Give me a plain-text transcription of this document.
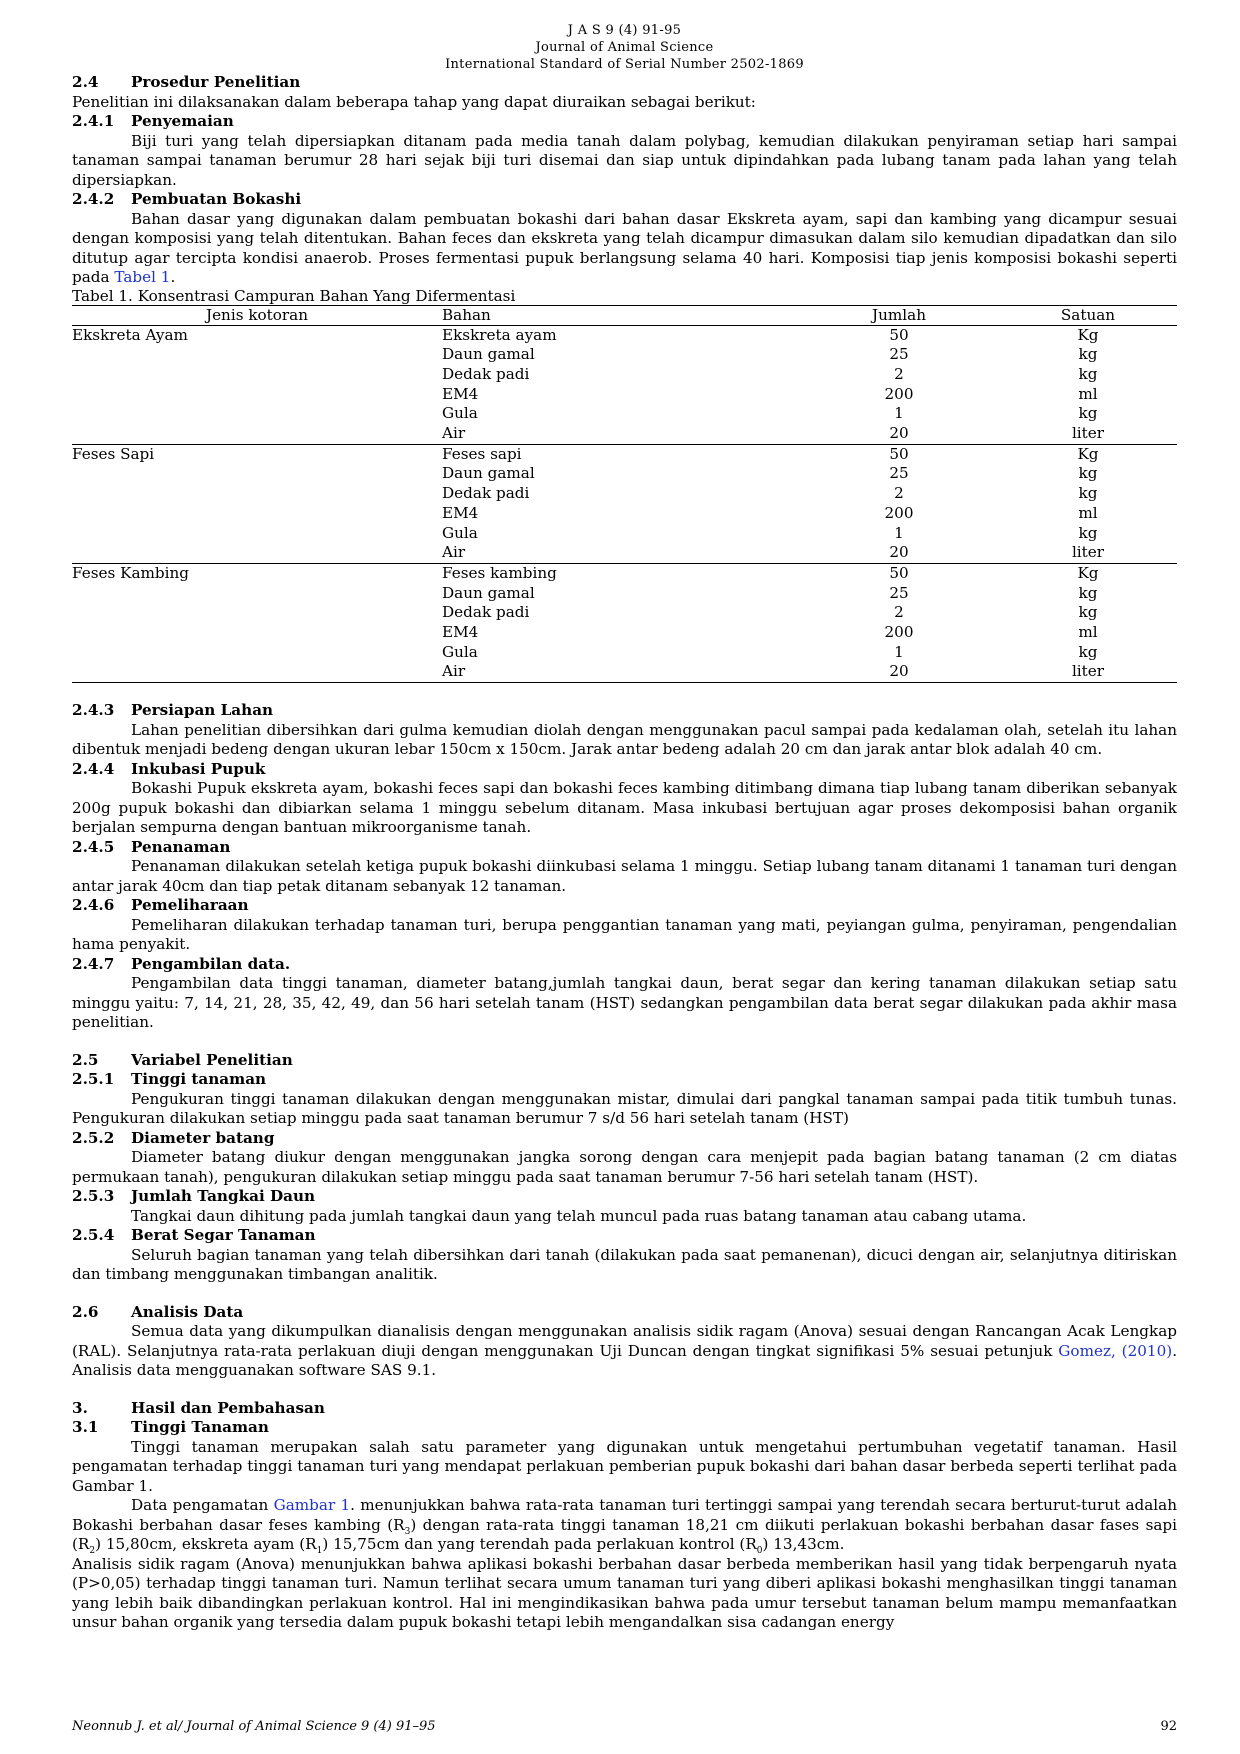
J A S 9 (4) 91-95
Journal of Animal Science
International Standard of Serial Number 2502-1869
2.4	Prosedur Penelitian

Penelitian ini dilaksanakan dalam beberapa tahap yang dapat diuraikan sebagai berikut:

2.4.1	Penyemaian

Biji turi yang telah dipersiapkan ditanam pada media tanah dalam polybag, kemudian dilakukan penyiraman setiap hari sampai tanaman sampai tanaman berumur 28 hari sejak biji turi disemai dan siap untuk dipindahkan pada lubang tanam pada lahan yang telah dipersiapkan.

2.4.2	Pembuatan Bokashi

Bahan dasar yang digunakan dalam pembuatan bokashi dari bahan dasar Ekskreta ayam, sapi dan kambing yang dicampur sesuai dengan komposisi yang telah ditentukan. Bahan feces dan ekskreta yang telah dicampur dimasukan dalam silo kemudian dipadatkan dan silo ditutup agar tercipta kondisi anaerob. Proses fermentasi pupuk berlangsung selama 40 hari. Komposisi tiap jenis komposisi bokashi seperti pada Tabel 1.

Tabel 1. Konsentrasi Campuran Bahan Yang Difermentasi
Jenis kotoran	Bahan	Jumlah	Satuan
Ekskreta Ayam	Ekskreta ayam	50	Kg
	Daun gamal	25	kg
	Dedak padi	2	kg
	EM4	200	ml
	Gula	1	kg
	Air	20	liter
Feses Sapi	Feses sapi	50	Kg
	Daun gamal	25	kg
	Dedak padi	2	kg
	EM4	200	ml
	Gula	1	kg
	Air	20	liter
Feses Kambing	Feses kambing	50	Kg
	Daun gamal	25	kg
	Dedak padi	2	kg
	EM4	200	ml
	Gula	1	kg
	Air	20	liter
2.4.3	Persiapan Lahan

Lahan penelitian dibersihkan dari gulma kemudian diolah dengan menggunakan pacul sampai pada kedalaman olah, setelah itu lahan dibentuk menjadi bedeng dengan ukuran lebar 150cm x 150cm. Jarak antar bedeng adalah 20 cm dan jarak antar blok adalah 40 cm.

2.4.4	Inkubasi Pupuk

Bokashi Pupuk ekskreta ayam, bokashi feces sapi dan bokashi feces kambing ditimbang dimana tiap lubang tanam diberikan sebanyak 200g pupuk bokashi dan dibiarkan selama 1 minggu sebelum ditanam. Masa inkubasi bertujuan agar proses dekomposisi bahan organik berjalan sempurna dengan bantuan mikroorganisme tanah.

2.4.5	Penanaman

Penanaman dilakukan setelah ketiga pupuk bokashi diinkubasi selama 1 minggu. Setiap lubang tanam ditanami 1 tanaman turi dengan antar jarak 40cm dan tiap petak ditanam sebanyak 12 tanaman.

2.4.6	Pemeliharaan

Pemeliharan dilakukan terhadap tanaman turi, berupa penggantian tanaman yang mati, peyiangan gulma, penyiraman, pengendalian hama penyakit.

2.4.7	Pengambilan data.

Pengambilan data tinggi tanaman, diameter batang,jumlah tangkai daun, berat segar dan kering tanaman dilakukan setiap satu minggu yaitu: 7, 14, 21, 28, 35, 42, 49, dan 56 hari setelah tanam (HST) sedangkan pengambilan data berat segar dilakukan pada akhir masa penelitian.

2.5	Variabel Penelitian
2.5.1	Tinggi tanaman

Pengukuran tinggi tanaman dilakukan dengan menggunakan mistar, dimulai dari pangkal tanaman sampai pada titik tumbuh tunas. Pengukuran dilakukan setiap minggu pada saat tanaman berumur 7 s/d 56 hari setelah tanam (HST)

2.5.2	Diameter batang

Diameter batang diukur dengan menggunakan jangka sorong dengan cara menjepit pada bagian batang tanaman (2 cm diatas permukaan tanah), pengukuran dilakukan setiap minggu pada saat tanaman berumur 7-56 hari setelah tanam (HST).

2.5.3	Jumlah Tangkai Daun

Tangkai daun dihitung pada jumlah tangkai daun yang telah muncul pada ruas batang tanaman atau cabang utama.

2.5.4	Berat Segar Tanaman

Seluruh bagian tanaman yang telah dibersihkan dari tanah (dilakukan pada saat pemanenan), dicuci dengan air, selanjutnya ditiriskan dan timbang menggunakan timbangan analitik.

2.6	Analisis Data

Semua data yang dikumpulkan dianalisis dengan menggunakan analisis sidik ragam (Anova) sesuai dengan Rancangan Acak Lengkap (RAL). Selanjutnya rata-rata perlakuan diuji dengan menggunakan Uji Duncan dengan tingkat signifikasi 5% sesuai petunjuk Gomez, (2010). Analisis data mengguanakan software SAS 9.1.

3.	Hasil dan Pembahasan
3.1	Tinggi Tanaman

Tinggi tanaman merupakan salah satu parameter yang digunakan untuk mengetahui pertumbuhan vegetatif tanaman. Hasil pengamatan terhadap tinggi tanaman turi yang mendapat perlakuan pemberian pupuk bokashi dari bahan dasar berbeda seperti terlihat pada Gambar 1.

Data pengamatan Gambar 1. menunjukkan bahwa rata-rata tanaman turi tertinggi sampai yang terendah secara berturut-turut adalah Bokashi berbahan dasar feses kambing $(R_3)$ dengan rata-rata tinggi tanaman 18,21 cm diikuti perlakuan bokashi berbahan dasar fases sapi $(R_2)$ 15,80cm, ekskreta ayam $(R_1)$ 15,75cm dan yang terendah pada perlakuan kontrol $(R_0)$ 13,43cm.

Analisis sidik ragam (Anova) menunjukkan bahwa aplikasi bokashi berbahan dasar berbeda memberikan hasil yang tidak berpengaruh nyata (P>0,05) terhadap tinggi tanaman turi. Namun terlihat secara umum tanaman turi yang diberi aplikasi bokashi menghasilkan tinggi tanaman yang lebih baik dibandingkan perlakuan kontrol. Hal ini mengindikasikan bahwa pada umur tersebut tanaman belum mampu memanfaatkan unsur bahan organik yang tersedia dalam pupuk bokashi tetapi lebih mengandalkan sisa cadangan energy

Neonnub J. et al/ Journal of Animal Science 9 (4) 91–95	92
